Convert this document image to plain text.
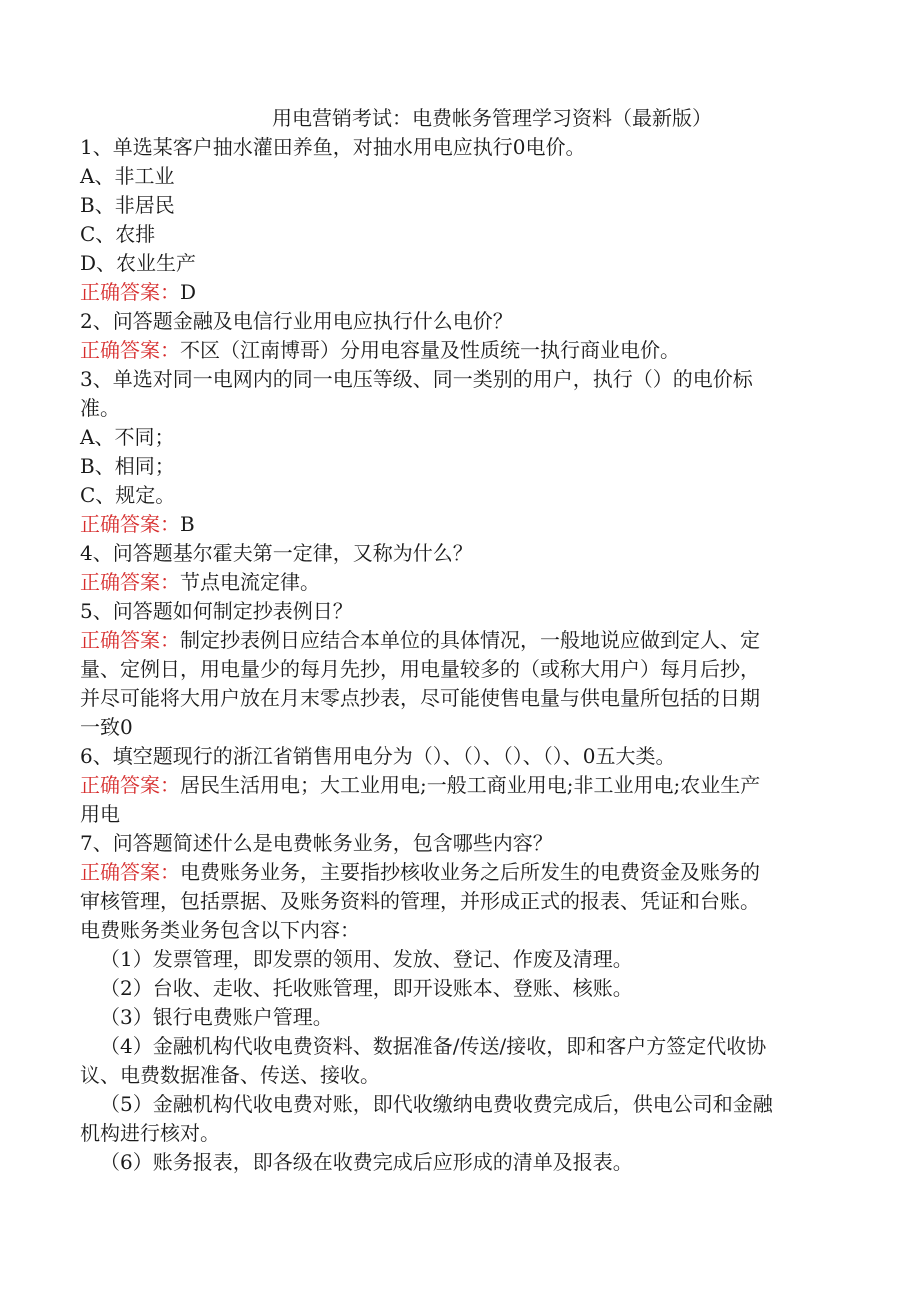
用电营销考试：电费帐务管理学习资料（最新版）

1、单选某客户抽水灌田养鱼，对抽水用电应执行0电价。

A、非工业

B、非居民

C、农排

D、农业生产

正确答案：D

2、问答题金融及电信行业用电应执行什么电价？

正确答案：不区（江南博哥）分用电容量及性质统一执行商业电价。

3、单选对同一电网内的同一电压等级、同一类别的用户，执行（）的电价标

准。

A、不同；

B、相同；

C、规定。

正确答案：B

4、问答题基尔霍夫第一定律，又称为什么？

正确答案：节点电流定律。

5、问答题如何制定抄表例日？

正确答案：制定抄表例日应结合本单位的具体情况，一般地说应做到定人、定

量、定例日，用电量少的每月先抄，用电量较多的（或称大用户）每月后抄，

并尽可能将大用户放在月末零点抄表，尽可能使售电量与供电量所包括的日期

一致0

6、填空题现行的浙江省销售用电分为（）、（）、（）、（）、0五大类。

正确答案：居民生活用电；大工业用电;一般工商业用电;非工业用电;农业生产

用电

7、问答题简述什么是电费帐务业务，包含哪些内容？

正确答案：电费账务业务，主要指抄核收业务之后所发生的电费资金及账务的

审核管理，包括票据、及账务资料的管理，并形成正式的报表、凭证和台账。

电费账务类业务包含以下内容：

（1）发票管理，即发票的领用、发放、登记、作废及清理。

（2）台收、走收、托收账管理，即开设账本、登账、核账。

（3）银行电费账户管理。

（4）金融机构代收电费资料、数据准备/传送/接收，即和客户方签定代收协

议、电费数据准备、传送、接收。

（5）金融机构代收电费对账，即代收缴纳电费收费完成后，供电公司和金融

机构进行核对。

（6）账务报表，即各级在收费完成后应形成的清单及报表。
